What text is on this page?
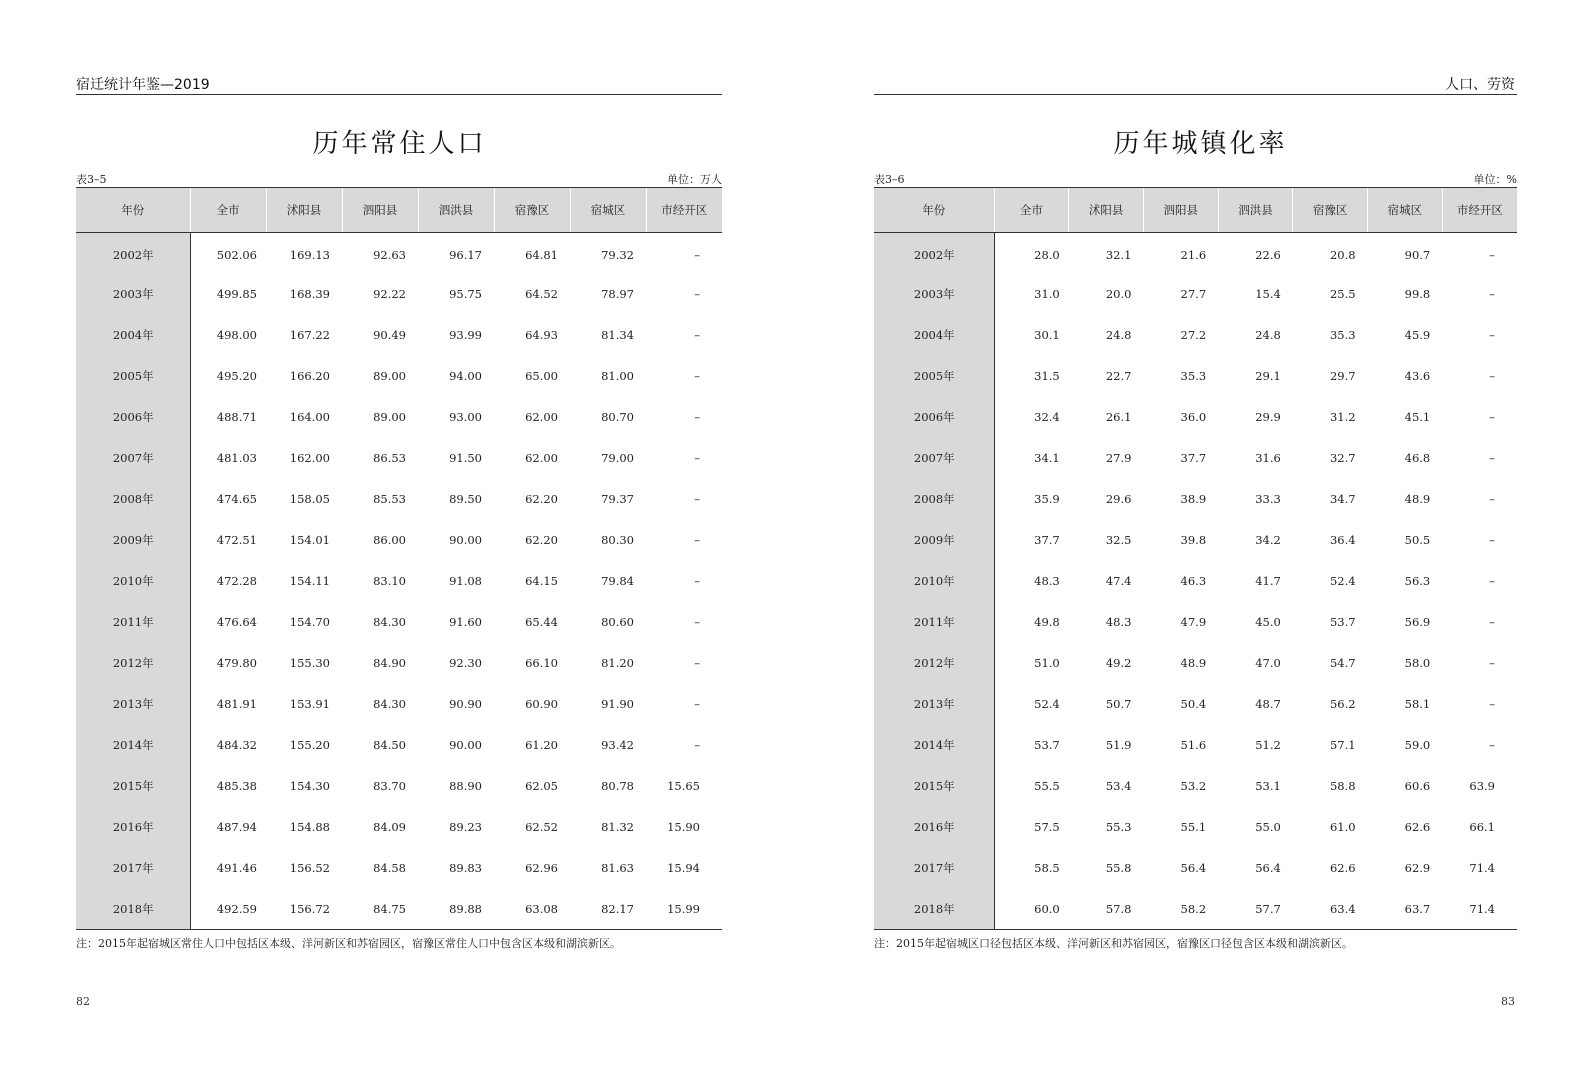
宿迁统计年鉴—2019
历年常住人口
表3–5	单位：万人
年份	全市	沭阳县	泗阳县	泗洪县	宿豫区	宿城区	市经开区
2002年	502.06	169.13	92.63	96.17	64.81	79.32	–
2003年	499.85	168.39	92.22	95.75	64.52	78.97	–
2004年	498.00	167.22	90.49	93.99	64.93	81.34	–
2005年	495.20	166.20	89.00	94.00	65.00	81.00	–
2006年	488.71	164.00	89.00	93.00	62.00	80.70	–
2007年	481.03	162.00	86.53	91.50	62.00	79.00	–
2008年	474.65	158.05	85.53	89.50	62.20	79.37	–
2009年	472.51	154.01	86.00	90.00	62.20	80.30	–
2010年	472.28	154.11	83.10	91.08	64.15	79.84	–
2011年	476.64	154.70	84.30	91.60	65.44	80.60	–
2012年	479.80	155.30	84.90	92.30	66.10	81.20	–
2013年	481.91	153.91	84.30	90.90	60.90	91.90	–
2014年	484.32	155.20	84.50	90.00	61.20	93.42	–
2015年	485.38	154.30	83.70	88.90	62.05	80.78	15.65
2016年	487.94	154.88	84.09	89.23	62.52	81.32	15.90
2017年	491.46	156.52	84.58	89.83	62.96	81.63	15.94
2018年	492.59	156.72	84.75	89.88	63.08	82.17	15.99
注：2015年起宿城区常住人口中包括区本级、洋河新区和苏宿园区，宿豫区常住人口中包含区本级和湖滨新区。
82
人口、劳资
历年城镇化率
表3–6	单位：%
年份	全市	沭阳县	泗阳县	泗洪县	宿豫区	宿城区	市经开区
2002年	28.0	32.1	21.6	22.6	20.8	90.7	–
2003年	31.0	20.0	27.7	15.4	25.5	99.8	–
2004年	30.1	24.8	27.2	24.8	35.3	45.9	–
2005年	31.5	22.7	35.3	29.1	29.7	43.6	–
2006年	32.4	26.1	36.0	29.9	31.2	45.1	–
2007年	34.1	27.9	37.7	31.6	32.7	46.8	–
2008年	35.9	29.6	38.9	33.3	34.7	48.9	–
2009年	37.7	32.5	39.8	34.2	36.4	50.5	–
2010年	48.3	47.4	46.3	41.7	52.4	56.3	–
2011年	49.8	48.3	47.9	45.0	53.7	56.9	–
2012年	51.0	49.2	48.9	47.0	54.7	58.0	–
2013年	52.4	50.7	50.4	48.7	56.2	58.1	–
2014年	53.7	51.9	51.6	51.2	57.1	59.0	–
2015年	55.5	53.4	53.2	53.1	58.8	60.6	63.9
2016年	57.5	55.3	55.1	55.0	61.0	62.6	66.1
2017年	58.5	55.8	56.4	56.4	62.6	62.9	71.4
2018年	60.0	57.8	58.2	57.7	63.4	63.7	71.4
注：2015年起宿城区口径包括区本级、洋河新区和苏宿园区，宿豫区口径包含区本级和湖滨新区。
83
